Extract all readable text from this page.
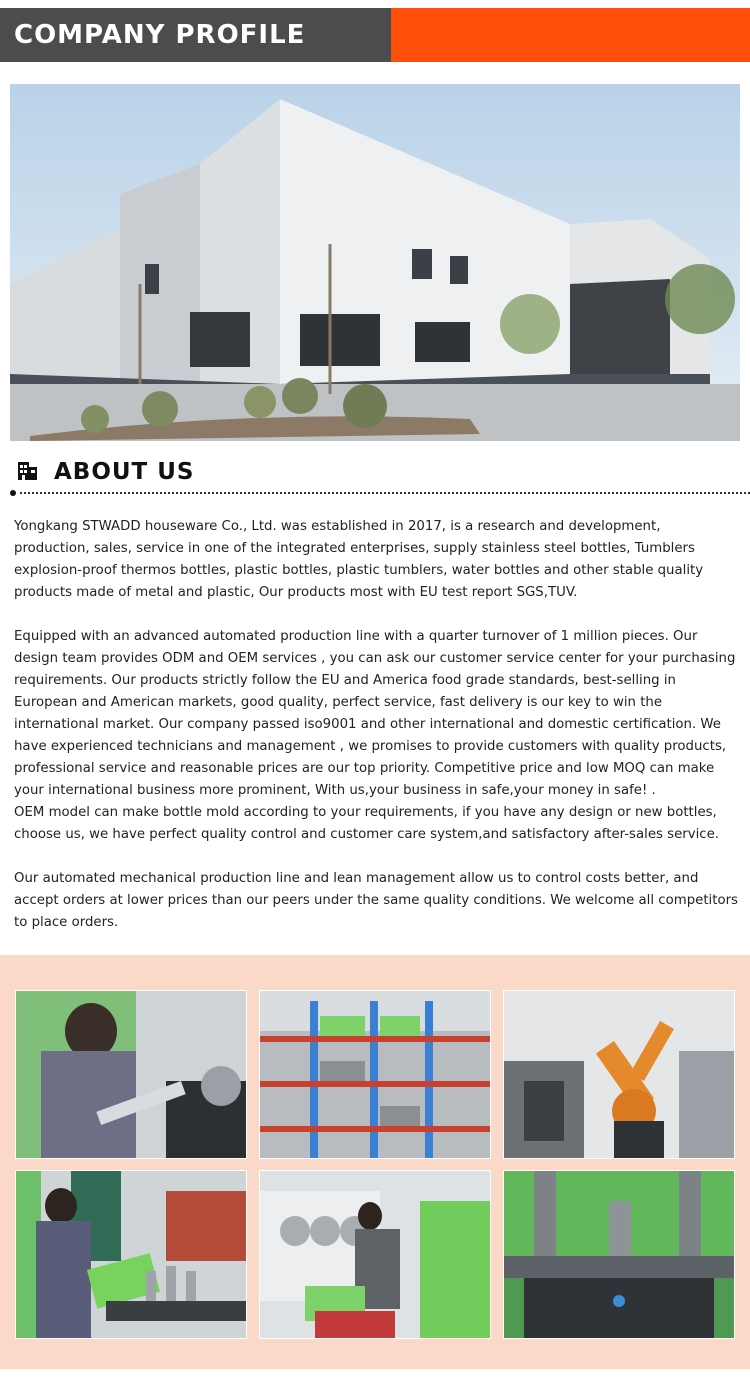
COMPANY PROFILE
ABOUT US

Yongkang STWADD houseware Co., Ltd. was established in 2017, is a research and development, production, sales, service in one of the integrated enterprises, supply stainless steel bottles, Tumblers　explosion-proof thermos bottles, plastic bottles, plastic tumblers, water bottles and other stable quality products made of metal and plastic, Our products most with EU test report SGS,TUV.

Equipped with an advanced automated production line with a quarter turnover of 1 million pieces. Our design team provides ODM and OEM services , you can ask our customer service center for your purchasing requirements. Our products strictly follow the EU and America food grade standards, best-selling in European and American markets, good quality, perfect service, fast delivery is our key to win the international market. Our company passed iso9001 and other international and domestic certification. We have experienced technicians and management , we promises to provide customers with quality products, professional service and reasonable prices are our top priority. Competitive price and low MOQ can make your international business more prominent, With us,your business in safe,your money in safe! .

OEM model can make bottle mold according to your requirements, if you have any design or new bottles, choose us, we have perfect quality control and customer care system,and satisfactory after-sales service.

Our automated mechanical production line and lean management allow us to control costs better, and accept orders at lower prices than our peers under the same quality conditions. We welcome all competitors to place orders.
